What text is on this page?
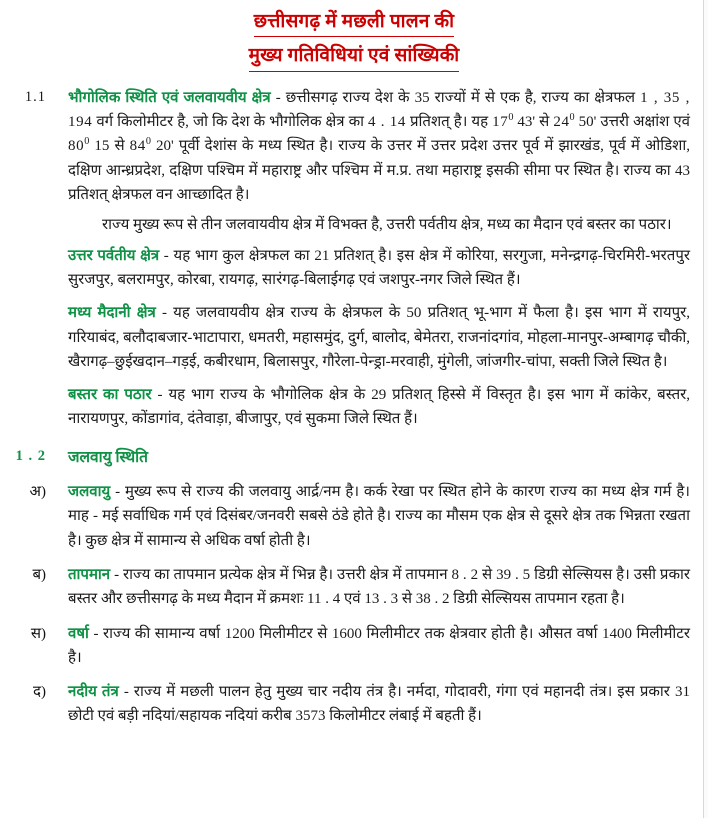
छत्तीसगढ़ में मछली पालन की
मुख्य गतिविधियां एवं सांख्यिकी
1.1	भौगोलिक स्थिति एवं जलवायवीय क्षेत्र - छत्तीसगढ़ राज्य देश के 35 राज्यों में से एक है, राज्य का क्षेत्रफल 1 , 35 , 194 वर्ग किलोमीटर है, जो कि देश के भौगोलिक क्षेत्र का 4 . 14 प्रतिशत् है। यह $17^0$ 43' से $24^0$ 50' उत्तरी अक्षांश एवं $80^0$ 15 से $84^0$ 20' पूर्वी देशांस के मध्य स्थित है। राज्य के उत्तर में उत्तर प्रदेश उत्तर पूर्व में झारखंड, पूर्व में ओडिशा, दक्षिण आन्ध्रप्रदेश, दक्षिण पश्चिम में महाराष्ट्र और पश्चिम में म.प्र. तथा महाराष्ट्र इसकी सीमा पर स्थित है। राज्य का 43 प्रतिशत् क्षेत्रफल वन आच्छादित है।
राज्य मुख्य रूप से तीन जलवायवीय क्षेत्र में विभक्त है, उत्तरी पर्वतीय क्षेत्र, मध्य का मैदान एवं बस्तर का पठार।
उत्तर पर्वतीय क्षेत्र - यह भाग कुल क्षेत्रफल का 21 प्रतिशत् है। इस क्षेत्र में कोरिया, सरगुजा, मनेन्द्रगढ़-चिरमिरी-भरतपुर सुरजपुर, बलरामपुर, कोरबा, रायगढ़, सारंगढ़-बिलाईगढ़ एवं जशपुर-नगर जिले स्थित हैं।
मध्य मैदानी क्षेत्र - यह जलवायवीय क्षेत्र राज्य के क्षेत्रफल के 50 प्रतिशत् भू-भाग में फैला है। इस भाग में रायपुर, गरियाबंद, बलौदाबजार-भाटापारा, धमतरी, महासमुंद, दुर्ग, बालोद, बेमेतरा, राजनांदगांव, मोहला-मानपुर-अम्बागढ़ चौकी, खैरागढ़–छुईखदान–गड़ई, कबीरधाम, बिलासपुर, गौरेला-पेन्ड्रा-मरवाही, मुंगेली, जांजगीर-चांपा, सक्ती जिले स्थित है।
बस्तर का पठार - यह भाग राज्य के भौगोलिक क्षेत्र के 29 प्रतिशत् हिस्से में विस्तृत है। इस भाग में कांकेर, बस्तर, नारायणपुर, कोंडागांव, दंतेवाड़ा, बीजापुर, एवं सुकमा जिले स्थित हैं।
1 . 2	जलवायु स्थिति
अ)	जलवायु - मुख्य रूप से राज्य की जलवायु आर्द्र/नम है। कर्क रेखा पर स्थित होने के कारण राज्य का मध्य क्षेत्र गर्म है। माह - मई सर्वाधिक गर्म एवं दिसंबर/जनवरी सबसे ठंडे होते है। राज्य का मौसम एक क्षेत्र से दूसरे क्षेत्र तक भिन्नता रखता है। कुछ क्षेत्र में सामान्य से अधिक वर्षा होती है।
ब)	तापमान - राज्य का तापमान प्रत्येक क्षेत्र में भिन्न है। उत्तरी क्षेत्र में तापमान 8 . 2 से 39 . 5 डिग्री सेल्सियस है। उसी प्रकार बस्तर और छत्तीसगढ़ के मध्य मैदान में क्रमशः 11 . 4 एवं 13 . 3 से 38 . 2 डिग्री सेल्सियस तापमान रहता है।
स)	वर्षा - राज्य की सामान्य वर्षा 1200 मिलीमीटर से 1600 मिलीमीटर तक क्षेत्रवार होती है। औसत वर्षा 1400 मिलीमीटर है।
द)	नदीय तंत्र - राज्य में मछली पालन हेतु मुख्य चार नदीय तंत्र है। नर्मदा, गोदावरी, गंगा एवं महानदी तंत्र। इस प्रकार 31 छोटी एवं बड़ी नदियां/सहायक नदियां करीब 3573 किलोमीटर लंबाई में बहती हैं।
